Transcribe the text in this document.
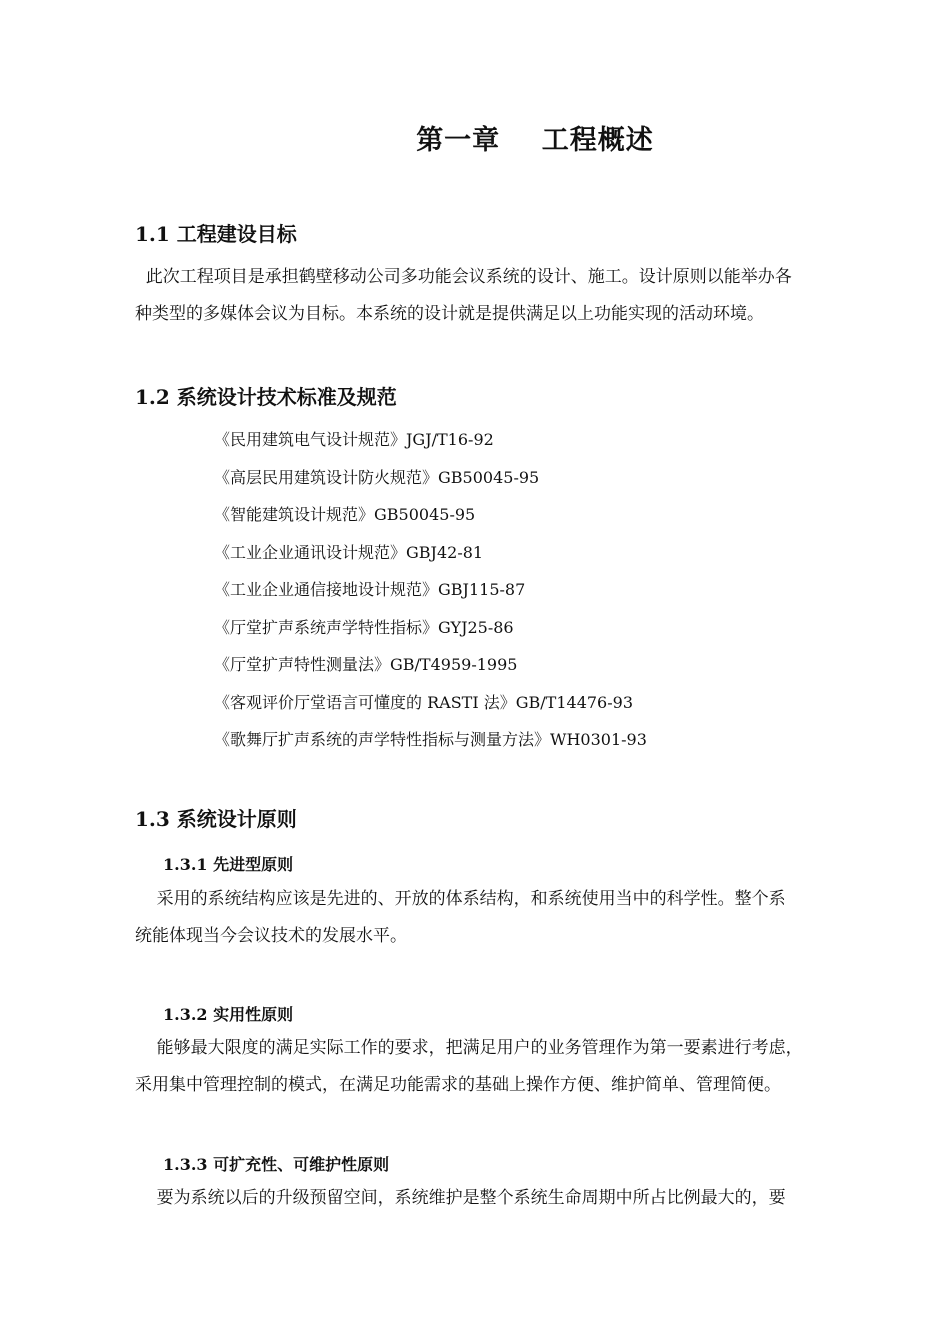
第一章    工程概述
1.1 工程建设目标

此次工程项目是承担鹤壁移动公司多功能会议系统的设计、施工。设计原则以能举办各

种类型的多媒体会议为目标。本系统的设计就是提供满足以上功能实现的活动环境。

1.2 系统设计技术标准及规范
《民用建筑电气设计规范》JGJ/T16-92
《高层民用建筑设计防火规范》GB50045-95
《智能建筑设计规范》GB50045-95
《工业企业通讯设计规范》GBJ42-81
《工业企业通信接地设计规范》GBJ115-87
《厅堂扩声系统声学特性指标》GYJ25-86
《厅堂扩声特性测量法》GB/T4959-1995
《客观评价厅堂语言可懂度的 RASTI 法》GB/T14476-93
《歌舞厅扩声系统的声学特性指标与测量方法》WH0301-93
1.3 系统设计原则
1.3.1 先进型原则

采用的系统结构应该是先进的、开放的体系结构，和系统使用当中的科学性。整个系

统能体现当今会议技术的发展水平。

1.3.2 实用性原则

能够最大限度的满足实际工作的要求，把满足用户的业务管理作为第一要素进行考虑，

采用集中管理控制的模式，在满足功能需求的基础上操作方便、维护简单、管理简便。

1.3.3 可扩充性、可维护性原则

要为系统以后的升级预留空间，系统维护是整个系统生命周期中所占比例最大的，要
